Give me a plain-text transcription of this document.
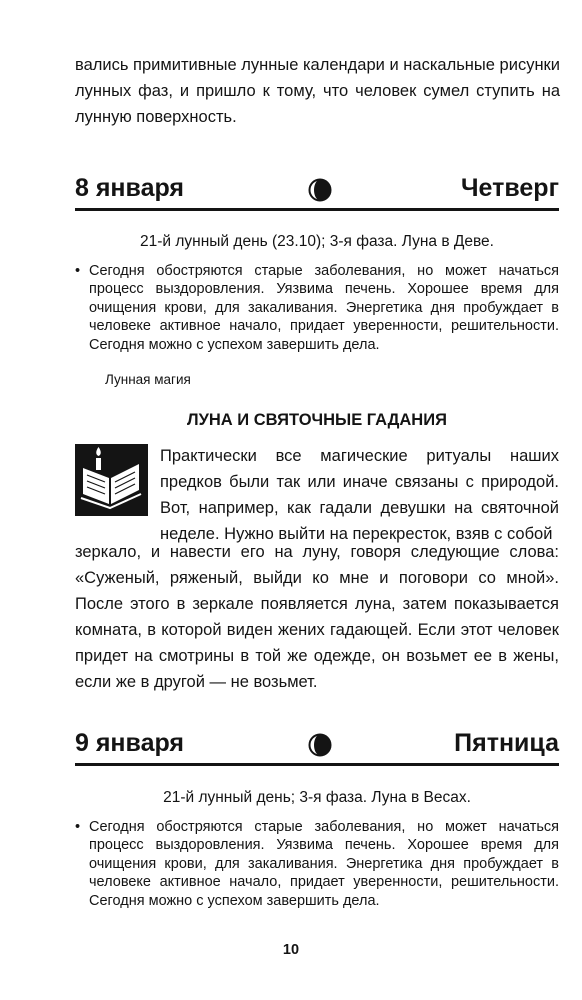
вались примитивные лунные календари и наскальные рисунки лунных фаз, и пришло к тому, что человек сумел ступить на лунную поверхность.
8 января	Четверг
21-й лунный день (23.10); 3-я фаза. Луна в Деве.
• Сегодня обостряются старые заболевания, но может начаться процесс выздоровления. Уязвима печень. Хорошее время для очищения крови, для закаливания. Энергетика дня пробуждает в человеке активное начало, придает уверенности, решительности. Сегодня можно с успехом завершить дела.
Лунная магия
ЛУНА И СВЯТОЧНЫЕ ГАДАНИЯ
Практически все магические ритуалы наших предков были так или иначе связаны с природой. Вот, например, как гадали девушки на святочной неделе. Нужно выйти на перекресток, взяв с собой
зеркало, и навести его на луну, говоря следующие слова: «Суженый, ряженый, выйди ко мне и поговори со мной». После этого в зеркале появляется луна, затем показывается комната, в которой виден жених гадающей. Если этот человек придет на смотрины в той же одежде, он возьмет ее в жены, если же в другой — не возьмет.
9 января	Пятница
21-й лунный день; 3-я фаза. Луна в Весах.
• Сегодня обостряются старые заболевания, но может начаться процесс выздоровления. Уязвима печень. Хорошее время для очищения крови, для закаливания. Энергетика дня пробуждает в человеке активное начало, придает уверенности, решительности. Сегодня можно с успехом завершить дела.
10
